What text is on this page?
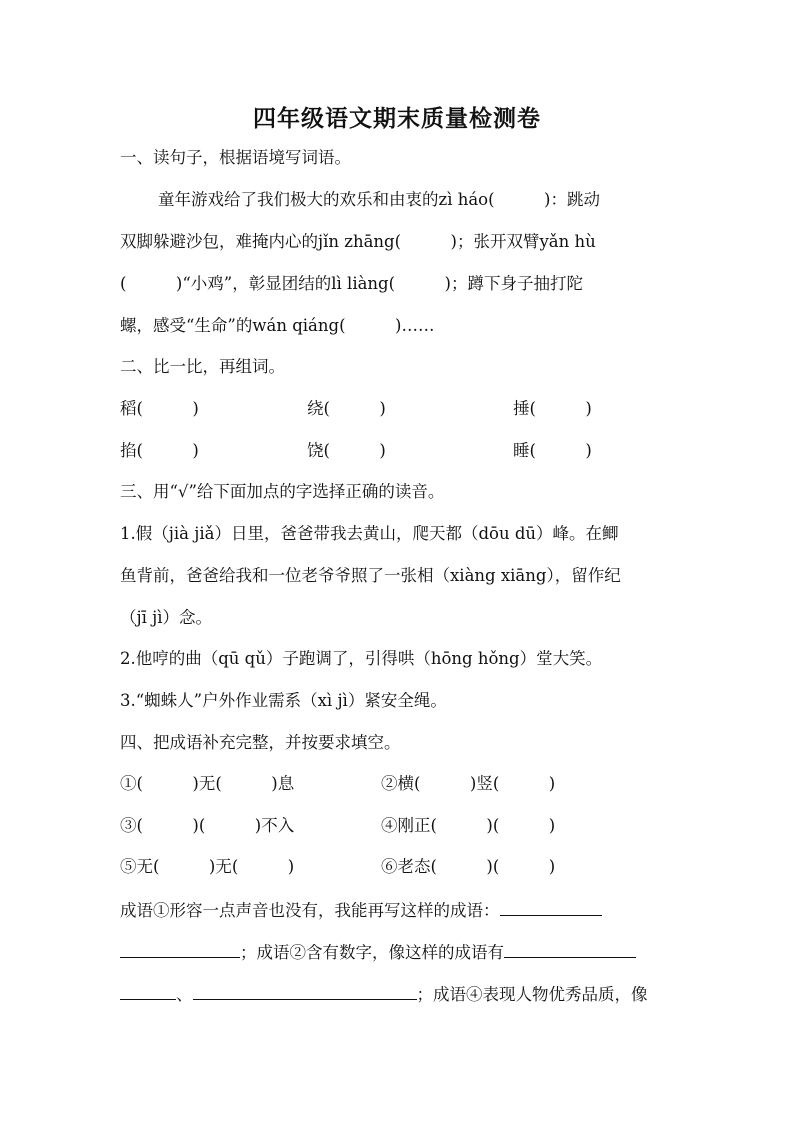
四年级语文期末质量检测卷
一、读句子，根据语境写词语。
童年游戏给了我们极大的欢乐和由衷的zì háo(　　　)：跳动
双脚躲避沙包，难掩内心的jǐn zhāng(　　　)；张开双臂yǎn hù
(　　　)“小鸡”，彰显团结的lì liàng(　　　)；蹲下身子抽打陀
螺，感受“生命”的wán qiáng(　　　)……
二、比一比，再组词。
稻(　　　)	绕(　　　)	捶(　　　)
掐(　　　)	饶(　　　)	睡(　　　)
三、用“√”给下面加点的字选择正确的读音。
1.假（jià jiǎ）日里，爸爸带我去黄山，爬天都（dōu dū）峰。在鲫
鱼背前，爸爸给我和一位老爷爷照了一张相（xiàng xiāng），留作纪
（jī jì）念。
2.他哼的曲（qū qǔ）子跑调了，引得哄（hōng hǒng）堂大笑。
3.“蜘蛛人”户外作业需系（xì jì）紧安全绳。
四、把成语补充完整，并按要求填空。
①(　　　)无(　　　)息	②横(　　　)竖(　　　)
③(　　　)(　　　)不入	④刚正(　　　)(　　　)
⑤无(　　　)无(　　　)	⑥老态(　　　)(　　　)
成语①形容一点声音也没有，我能再写这样的成语：
；成语②含有数字，像这样的成语有
、	；成语④表现人物优秀品质，像
